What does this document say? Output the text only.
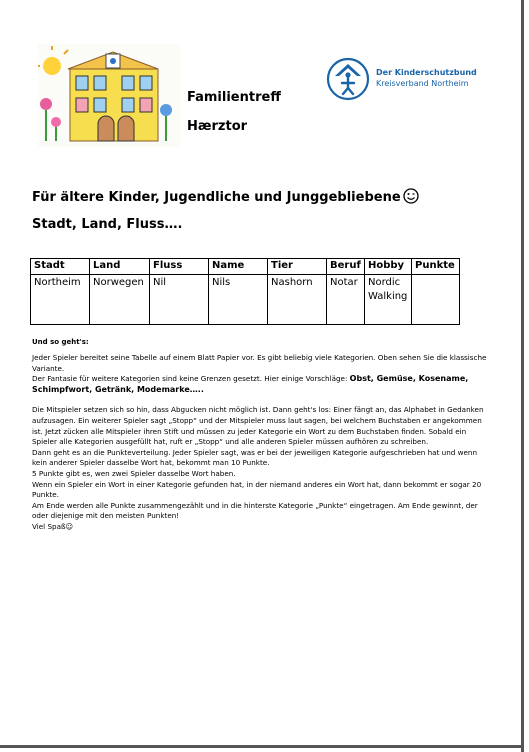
Familientreff
Hærztor
Der Kinderschutzbund
Kreisverband Northeim
Für ältere Kinder, Jugendliche und Junggebliebene
Stadt, Land, Fluss….
Stadt	Land	Fluss	Name	Tier	Beruf	Hobby	Punkte
Northeim	Norwegen	Nil	Nils	Nashorn	Notar	Nordic Walking	
Und so geht's:

Jeder Spieler bereitet seine Tabelle auf einem Blatt Papier vor. Es gibt beliebig viele Kategorien. Oben sehen Sie die klassische Variante.

Der Fantasie für weitere Kategorien sind keine Grenzen gesetzt. Hier einige Vorschläge: Obst, Gemüse, Kosename, Schimpfwort, Getränk, Modemarke…..

Die Mitspieler setzen sich so hin, dass Abgucken nicht möglich ist. Dann geht's los: Einer fängt an, das Alphabet in Gedanken aufzusagen. Ein weiterer Spieler sagt „Stopp“ und der Mitspieler muss laut sagen, bei welchem Buchstaben er angekommen ist. Jetzt zücken alle Mitspieler ihren Stift und müssen zu jeder Kategorie ein Wort zu dem Buchstaben finden. Sobald ein Spieler alle Kategorien ausgefüllt hat, ruft er „Stopp“ und alle anderen Spieler müssen aufhören zu schreiben.

Dann geht es an die Punkteverteilung. Jeder Spieler sagt, was er bei der jeweiligen Kategorie aufgeschrieben hat und wenn kein anderer Spieler dasselbe Wort hat, bekommt man 10 Punkte.

5 Punkte gibt es, wen zwei Spieler dasselbe Wort haben.

Wenn ein Spieler ein Wort in einer Kategorie gefunden hat, in der niemand anderes ein Wort hat, dann bekommt er sogar 20 Punkte.

Am Ende werden alle Punkte zusammengezählt und in die hinterste Kategorie „Punkte“ eingetragen. Am Ende gewinnt, der oder diejenige mit den meisten Punkten!

Viel Spaß☺
